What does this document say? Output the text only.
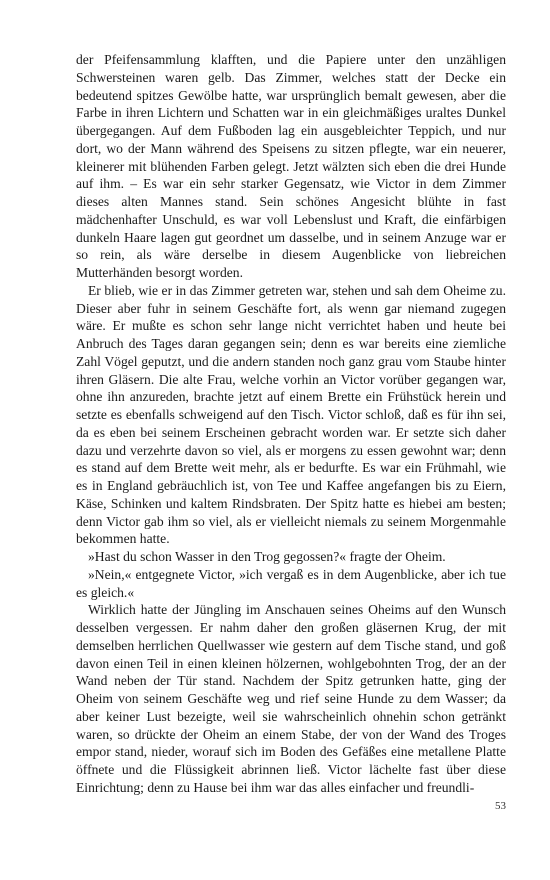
der Pfeifensammlung klafften, und die Papiere unter den unzähligen Schwersteinen waren gelb. Das Zimmer, welches statt der Decke ein bedeutend spitzes Gewölbe hatte, war ursprünglich bemalt gewesen, aber die Farbe in ihren Lichtern und Schatten war in ein gleichmäßiges uraltes Dunkel übergegangen. Auf dem Fußboden lag ein ausgebleichter Teppich, und nur dort, wo der Mann während des Speisens zu sitzen pflegte, war ein neuerer, kleinerer mit blühenden Farben gelegt. Jetzt wälzten sich eben die drei Hunde auf ihm. – Es war ein sehr starker Gegensatz, wie Victor in dem Zimmer dieses alten Mannes stand. Sein schönes Angesicht blühte in fast mädchenhafter Unschuld, es war voll Lebenslust und Kraft, die einfärbigen dunkeln Haare lagen gut geordnet um dasselbe, und in seinem Anzuge war er so rein, als wäre derselbe in diesem Augenblicke von liebreichen Mutterhänden besorgt worden.

Er blieb, wie er in das Zimmer getreten war, stehen und sah dem Oheime zu. Dieser aber fuhr in seinem Geschäfte fort, als wenn gar niemand zugegen wäre. Er mußte es schon sehr lange nicht verrichtet haben und heute bei Anbruch des Tages daran gegangen sein; denn es war bereits eine ziemliche Zahl Vögel geputzt, und die andern standen noch ganz grau vom Staube hinter ihren Gläsern. Die alte Frau, welche vorhin an Victor vorüber gegangen war, ohne ihn anzureden, brachte jetzt auf einem Brette ein Frühstück herein und setzte es ebenfalls schweigend auf den Tisch. Victor schloß, daß es für ihn sei, da es eben bei seinem Erscheinen gebracht worden war. Er setzte sich daher dazu und verzehrte davon so viel, als er morgens zu essen gewohnt war; denn es stand auf dem Brette weit mehr, als er bedurfte. Es war ein Frühmahl, wie es in England gebräuchlich ist, von Tee und Kaffee angefangen bis zu Eiern, Käse, Schinken und kaltem Rindsbraten. Der Spitz hatte es hiebei am besten; denn Victor gab ihm so viel, als er vielleicht niemals zu seinem Morgenmahle bekommen hatte.

»Hast du schon Wasser in den Trog gegossen?« fragte der Oheim.

»Nein,« entgegnete Victor, »ich vergaß es in dem Augenblicke, aber ich tue es gleich.«

Wirklich hatte der Jüngling im Anschauen seines Oheims auf den Wunsch desselben vergessen. Er nahm daher den großen gläsernen Krug, der mit demselben herrlichen Quellwasser wie gestern auf dem Tische stand, und goß davon einen Teil in einen kleinen hölzernen, wohlgebohnten Trog, der an der Wand neben der Tür stand. Nachdem der Spitz getrunken hatte, ging der Oheim von seinem Geschäfte weg und rief seine Hunde zu dem Wasser; da aber keiner Lust bezeigte, weil sie wahrscheinlich ohnehin schon getränkt waren, so drückte der Oheim an einem Stabe, der von der Wand des Troges empor stand, nieder, worauf sich im Boden des Gefäßes eine metallene Platte öffnete und die Flüssigkeit abrinnen ließ. Victor lächelte fast über diese Einrichtung; denn zu Hause bei ihm war das alles einfacher und freundli-

53
